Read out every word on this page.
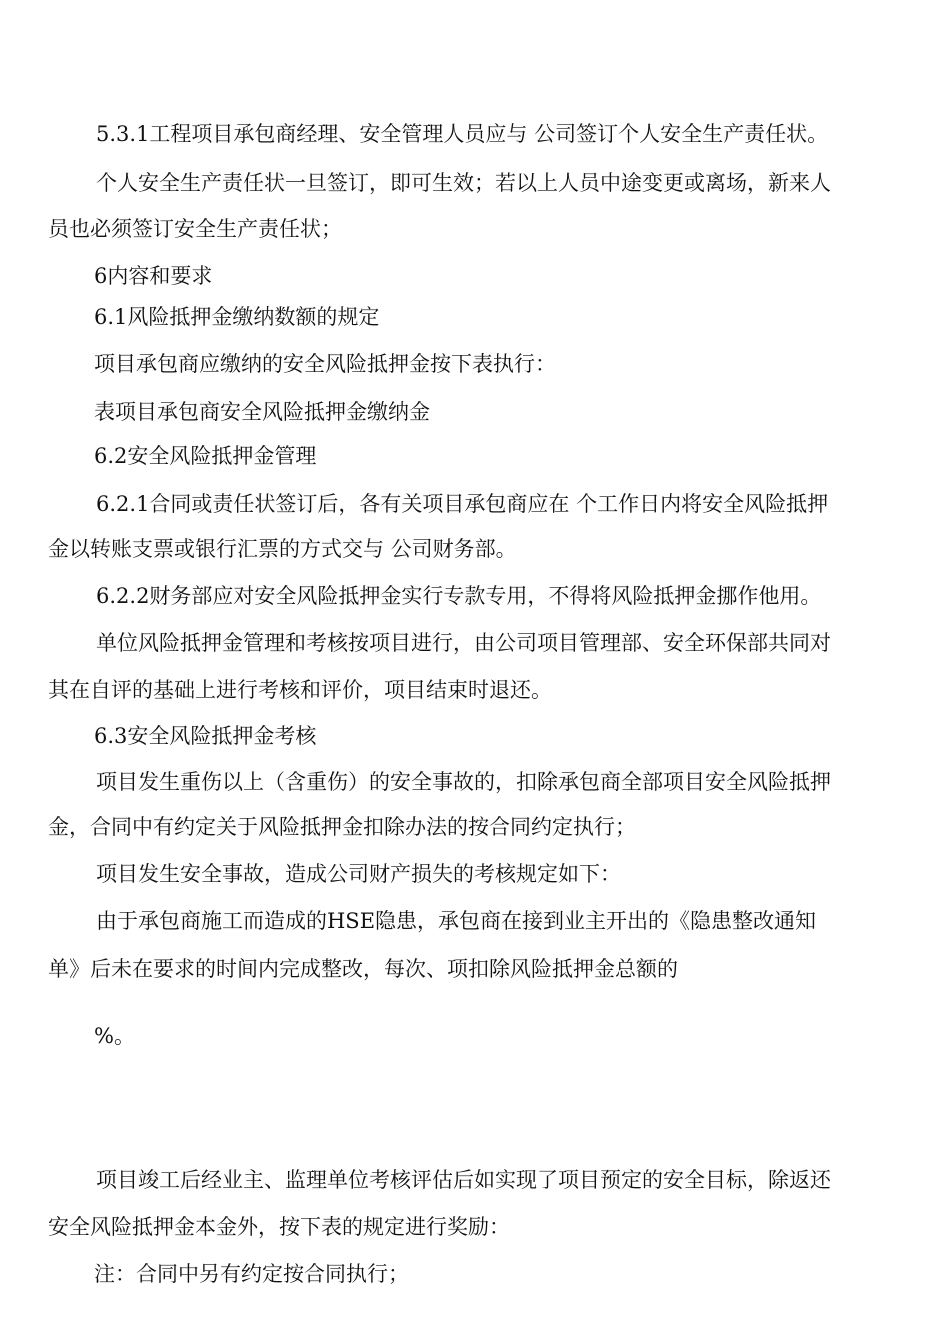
5.3.1工程项目承包商经理、安全管理人员应与 公司签订个人安全生产责任状。

个人安全生产责任状一旦签订，即可生效；若以上人员中途变更或离场，新来人

员也必须签订安全生产责任状；

6内容和要求

6.1风险抵押金缴纳数额的规定

项目承包商应缴纳的安全风险抵押金按下表执行：

表项目承包商安全风险抵押金缴纳金

6.2安全风险抵押金管理

6.2.1合同或责任状签订后，各有关项目承包商应在 个工作日内将安全风险抵押

金以转账支票或银行汇票的方式交与 公司财务部。

6.2.2财务部应对安全风险抵押金实行专款专用，不得将风险抵押金挪作他用。

单位风险抵押金管理和考核按项目进行，由公司项目管理部、安全环保部共同对

其在自评的基础上进行考核和评价，项目结束时退还。

6.3安全风险抵押金考核

项目发生重伤以上（含重伤）的安全事故的，扣除承包商全部项目安全风险抵押

金，合同中有约定关于风险抵押金扣除办法的按合同约定执行；

项目发生安全事故，造成公司财产损失的考核规定如下：

由于承包商施工而造成的HSE隐患，承包商在接到业主开出的《隐患整改通知

单》后未在要求的时间内完成整改，每次、项扣除风险抵押金总额的

%。

项目竣工后经业主、监理单位考核评估后如实现了项目预定的安全目标，除返还

安全风险抵押金本金外，按下表的规定进行奖励：

注：合同中另有约定按合同执行；
